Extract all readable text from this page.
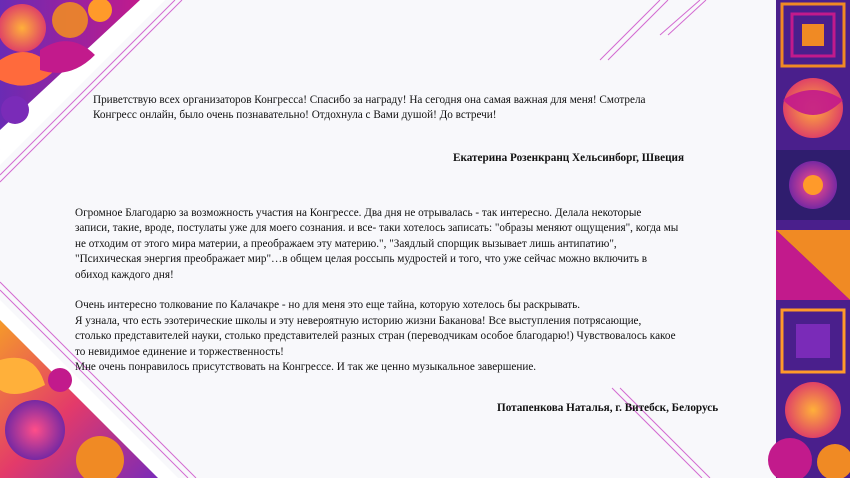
Приветствую всех организаторов Конгресса! Спасибо за награду! На сегодня она самая важная для меня! Смотрела
Конгресс онлайн, было очень познавательно! Отдохнула с Вами душой! До встречи!
Екатерина Розенкранц Хельсинборг, Швеция
Огромное Благодарю за возможность участия на Конгрессе. Два дня не отрывалась - так интересно. Делала некоторые
записи, такие, вроде, постулаты уже для моего сознания. и все- таки хотелось записать: "образы меняют ощущения", когда мы
не отходим от этого мира материи, а преображаем эту материю.", "Заядлый спорщик вызывает лишь антипатию",
"Психическая энергия преображает мир"…в общем целая россыпь мудростей и того, что уже сейчас можно включить в
обиход каждого дня!
Очень интересно толкование по Калачакре - но для меня это еще тайна, которую хотелось бы раскрывать.
Я узнала, что есть эзотерические школы и эту невероятную историю жизни Баканова! Все выступления потрясающие,
столько представителей науки, столько представителей разных стран (переводчикам особое благодарю!) Чувствовалось какое
то невидимое единение и торжественность!
Мне очень понравилось присутствовать на Конгрессе. И так же ценно музыкальное завершение.
Потапенкова Наталья, г. Витебск, Белорусь
